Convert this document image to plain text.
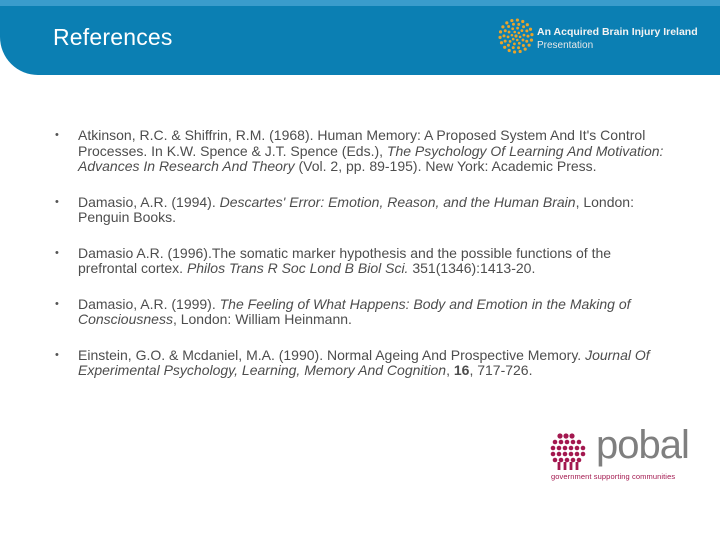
References	An Acquired Brain Injury Ireland
Presentation
• Atkinson, R.C. & Shiffrin, R.M. (1968). Human Memory: A Proposed System And It's Control Processes. In K.W. Spence & J.T. Spence (Eds.), The Psychology Of Learning And Motivation: Advances In Research And Theory (Vol. 2, pp. 89-195). New York: Academic Press.
• Damasio, A.R. (1994). Descartes' Error: Emotion, Reason, and the Human Brain, London: Penguin Books.
• Damasio A.R. (1996).The somatic marker hypothesis and the possible functions of the prefrontal cortex. Philos Trans R Soc Lond B Biol Sci. 351(1346):1413-20.
• Damasio, A.R. (1999). The Feeling of What Happens: Body and Emotion in the Making of Consciousness, London: William Heinmann.
• Einstein, G.O. & Mcdaniel, M.A. (1990). Normal Ageing And Prospective Memory. Journal Of Experimental Psychology, Learning, Memory And Cognition, 16, 717-726.
pobal
government supporting communities
